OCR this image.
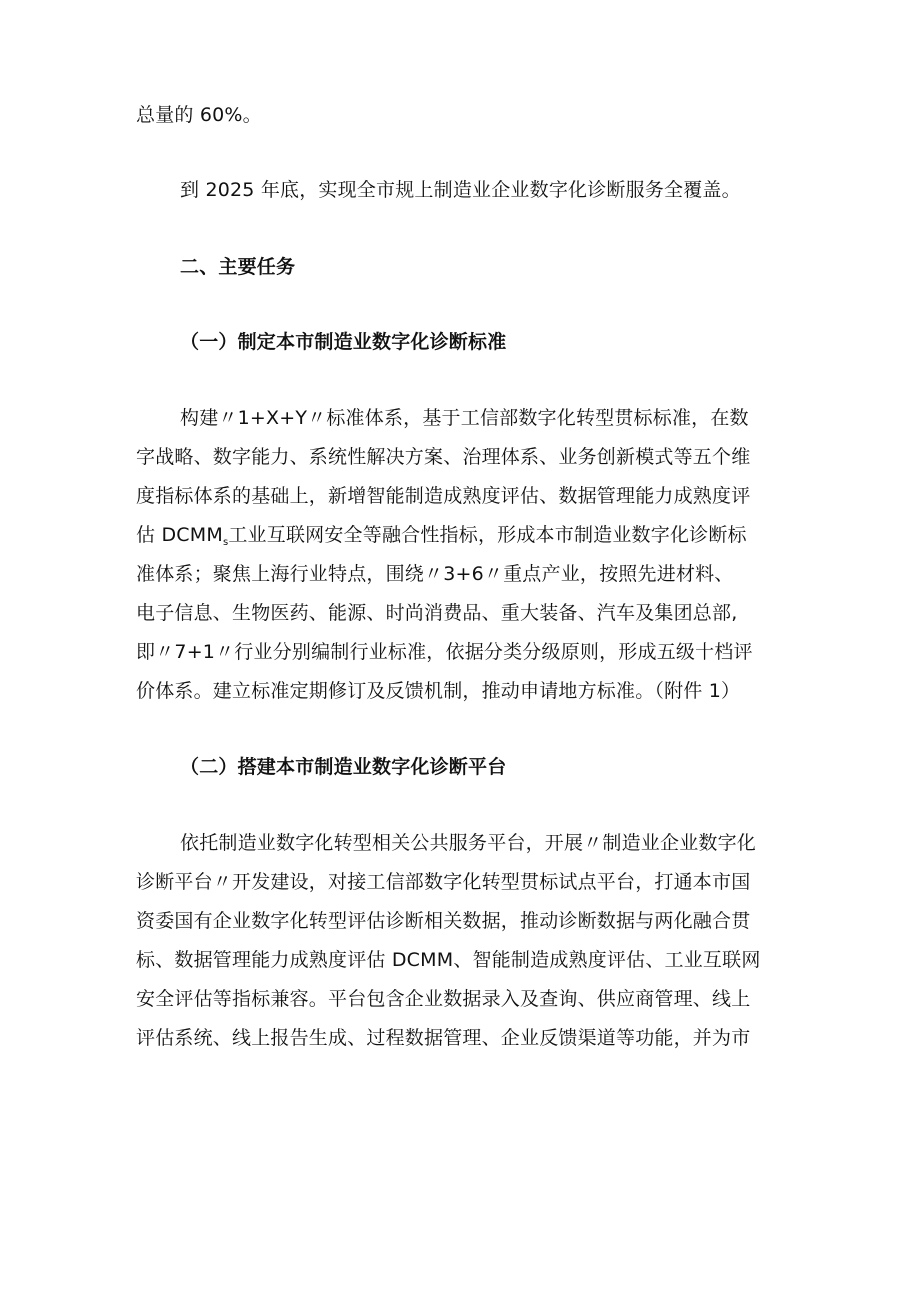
总量的 60%。
到 2025 年底，实现全市规上制造业企业数字化诊断服务全覆盖。
二、主要任务
（一）制定本市制造业数字化诊断标准
构建〃1+X+Y〃标准体系，基于工信部数字化转型贯标标准，在数
字战略、数字能力、系统性解决方案、治理体系、业务创新模式等五个维
度指标体系的基础上，新增智能制造成熟度评估、数据管理能力成熟度评
估 $DCMM_s$工业互联网安全等融合性指标，形成本市制造业数字化诊断标
准体系；聚焦上海行业特点，围绕〃3+6〃重点产业，按照先进材料、
电子信息、生物医药、能源、时尚消费品、重大装备、汽车及集团总部,
即〃7+1〃行业分别编制行业标准，依据分类分级原则，形成五级十档评
价体系。建立标准定期修订及反馈机制，推动申请地方标准。（附件 1）
（二）搭建本市制造业数字化诊断平台
依托制造业数字化转型相关公共服务平台，开展〃制造业企业数字化
诊断平台〃开发建设，对接工信部数字化转型贯标试点平台，打通本市国
资委国有企业数字化转型评估诊断相关数据，推动诊断数据与两化融合贯
标、数据管理能力成熟度评估 DCMM、智能制造成熟度评估、工业互联网
安全评估等指标兼容。平台包含企业数据录入及查询、供应商管理、线上
评估系统、线上报告生成、过程数据管理、企业反馈渠道等功能，并为市
